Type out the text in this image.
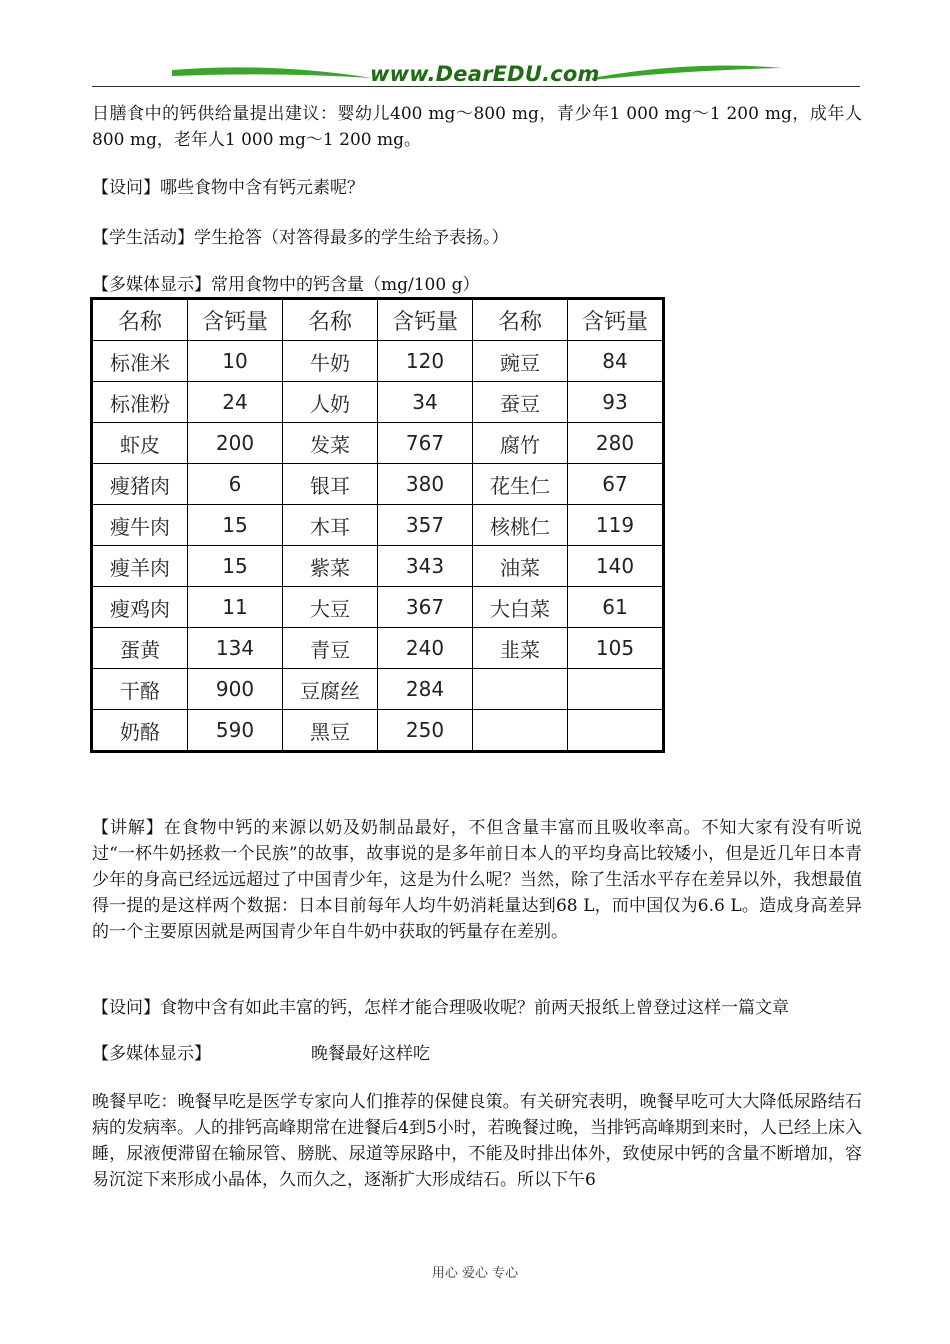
www.DearEDU.com

日膳食中的钙供给量提出建议：婴幼儿400 mg～800 mg，青少年1 000 mg～1 200 mg，成年人800 mg，老年人1 000 mg～1 200 mg。

【设问】哪些食物中含有钙元素呢？

【学生活动】学生抢答（对答得最多的学生给予表扬。）

【多媒体显示】常用食物中的钙含量（mg/100 g）

名称	含钙量	名称	含钙量	名称	含钙量
标准米	10	牛奶	120	豌豆	84
标准粉	24	人奶	34	蚕豆	93
虾皮	200	发菜	767	腐竹	280
瘦猪肉	6	银耳	380	花生仁	67
瘦牛肉	15	木耳	357	核桃仁	119
瘦羊肉	15	紫菜	343	油菜	140
瘦鸡肉	11	大豆	367	大白菜	61
蛋黄	134	青豆	240	韭菜	105
干酪	900	豆腐丝	284		
奶酪	590	黑豆	250		

【讲解】在食物中钙的来源以奶及奶制品最好，不但含量丰富而且吸收率高。不知大家有没有听说过“一杯牛奶拯救一个民族”的故事，故事说的是多年前日本人的平均身高比较矮小，但是近几年日本青少年的身高已经远远超过了中国青少年，这是为什么呢？当然，除了生活水平存在差异以外，我想最值得一提的是这样两个数据：日本目前每年人均牛奶消耗量达到68 L，而中国仅为6.6 L。造成身高差异的一个主要原因就是两国青少年自牛奶中获取的钙量存在差别。

【设问】食物中含有如此丰富的钙，怎样才能合理吸收呢？前两天报纸上曾登过这样一篇文章

【多媒体显示】	晚餐最好这样吃

晚餐早吃：晚餐早吃是医学专家向人们推荐的保健良策。有关研究表明，晚餐早吃可大大降低尿路结石病的发病率。人的排钙高峰期常在进餐后4到5小时，若晚餐过晚，当排钙高峰期到来时，人已经上床入睡，尿液便滞留在输尿管、膀胱、尿道等尿路中，不能及时排出体外，致使尿中钙的含量不断增加，容易沉淀下来形成小晶体，久而久之，逐渐扩大形成结石。所以下午6

用心 爱心 专心
